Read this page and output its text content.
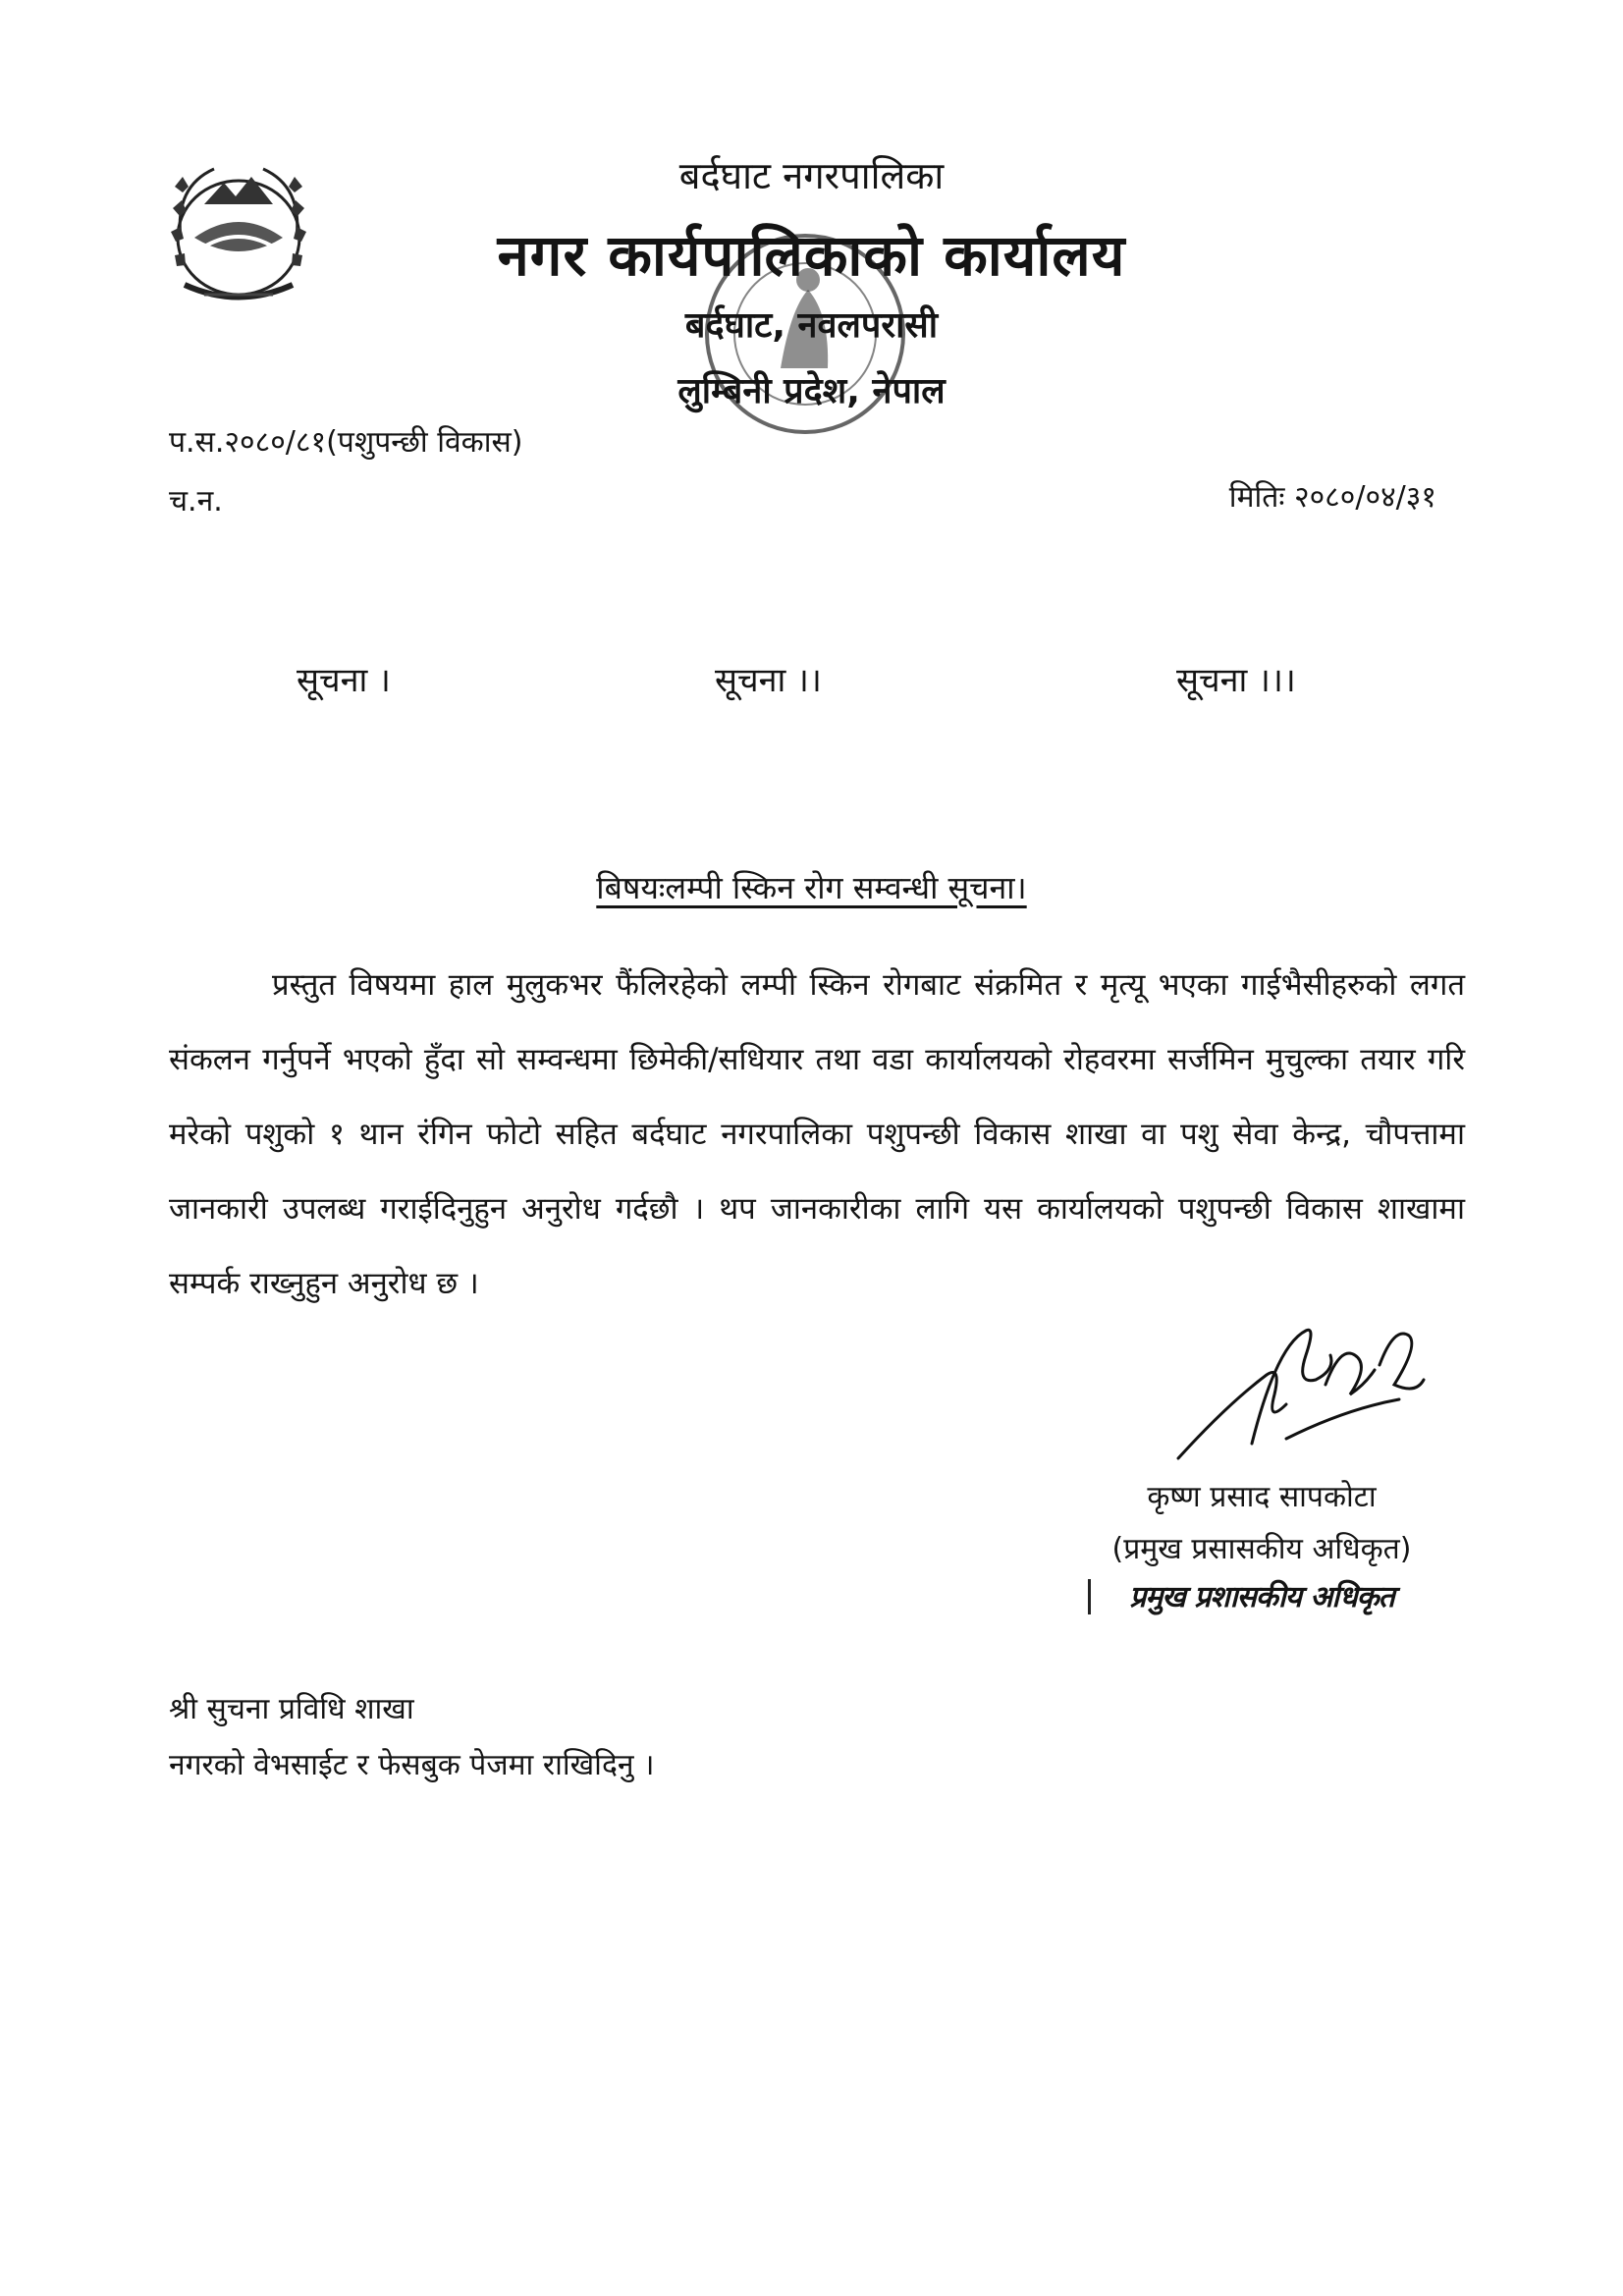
बर्दघाट नगरपालिका
नगर कार्यपालिकाको कार्यालय
बर्दघाट, नवलपरासी
लुम्बिनी प्रदेश, नेपाल
प.स.२०८०/८१(पशुपन्छी विकास)
च.न.	मितिः २०८०/०४/३१
सूचना ।	सूचना ।।	सूचना ।।।
बिषयःलम्पी स्किन रोग सम्वन्धी सूचना।

प्रस्तुत विषयमा हाल मुलुकभर फैंलिरहेको लम्पी स्किन रोगबाट संक्रमित र मृत्यू भएका गाईभैसीहरुको लगत संकलन गर्नुपर्ने भएको हुँदा सो सम्वन्धमा छिमेकी/सधियार तथा वडा कार्यालयको रोहवरमा सर्जमिन मुचुल्का तयार गरि मरेको पशुको १ थान रंगिन फोटो सहित बर्दघाट नगरपालिका पशुपन्छी विकास शाखा वा पशु सेवा केन्द्र, चौपत्तामा जानकारी उपलब्ध गराईदिनुहुन अनुरोध गर्दछौ । थप जानकारीका लागि यस कार्यालयको पशुपन्छी विकास शाखामा सम्पर्क राख्नुहुन अनुरोध छ ।

कृष्ण प्रसाद सापकोटा
(प्रमुख प्रसासकीय अधिकृत)
प्रमुख प्रशासकीय अधिकृत
श्री सुचना प्रविधि शाखा
नगरको वेभसाईट र फेसबुक पेजमा राखिदिनु ।
